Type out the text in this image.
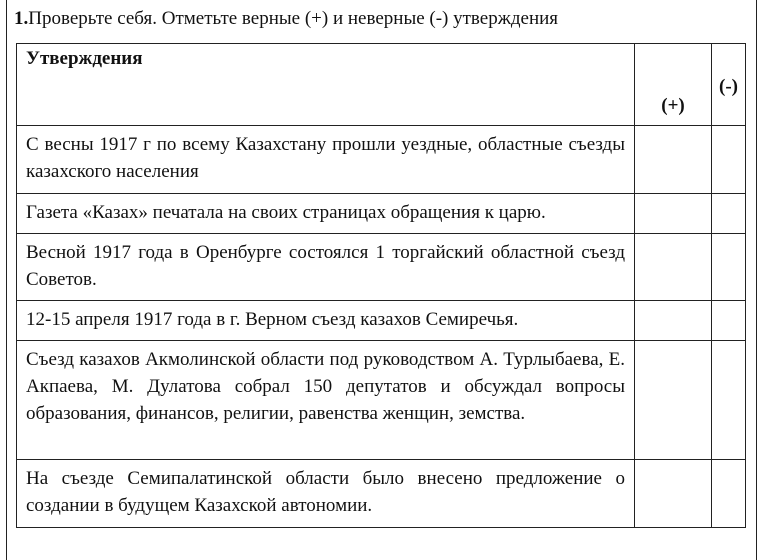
1.Проверьте себя. Отметьте верные (+) и неверные (-) утверждения
Утверждения	(+)	(-)
С весны 1917 г по всему Казахстану прошли уездные, областные съезды казахского населения		
Газета «Казах» печатала на своих страницах обращения к царю.		
Весной 1917 года в Оренбурге состоялся 1 торгайский областной съезд Советов.		
12-15 апреля 1917 года в г. Верном съезд казахов Семиречья.		
Съезд казахов Акмолинской области под руководством А. Турлыбаева, Е. Акпаева, М. Дулатова собрал 150 депутатов и обсуждал вопросы образования, финансов, религии, равенства женщин, земства.		
На съезде Семипалатинской области было внесено предложение о создании в будущем Казахской автономии.		
